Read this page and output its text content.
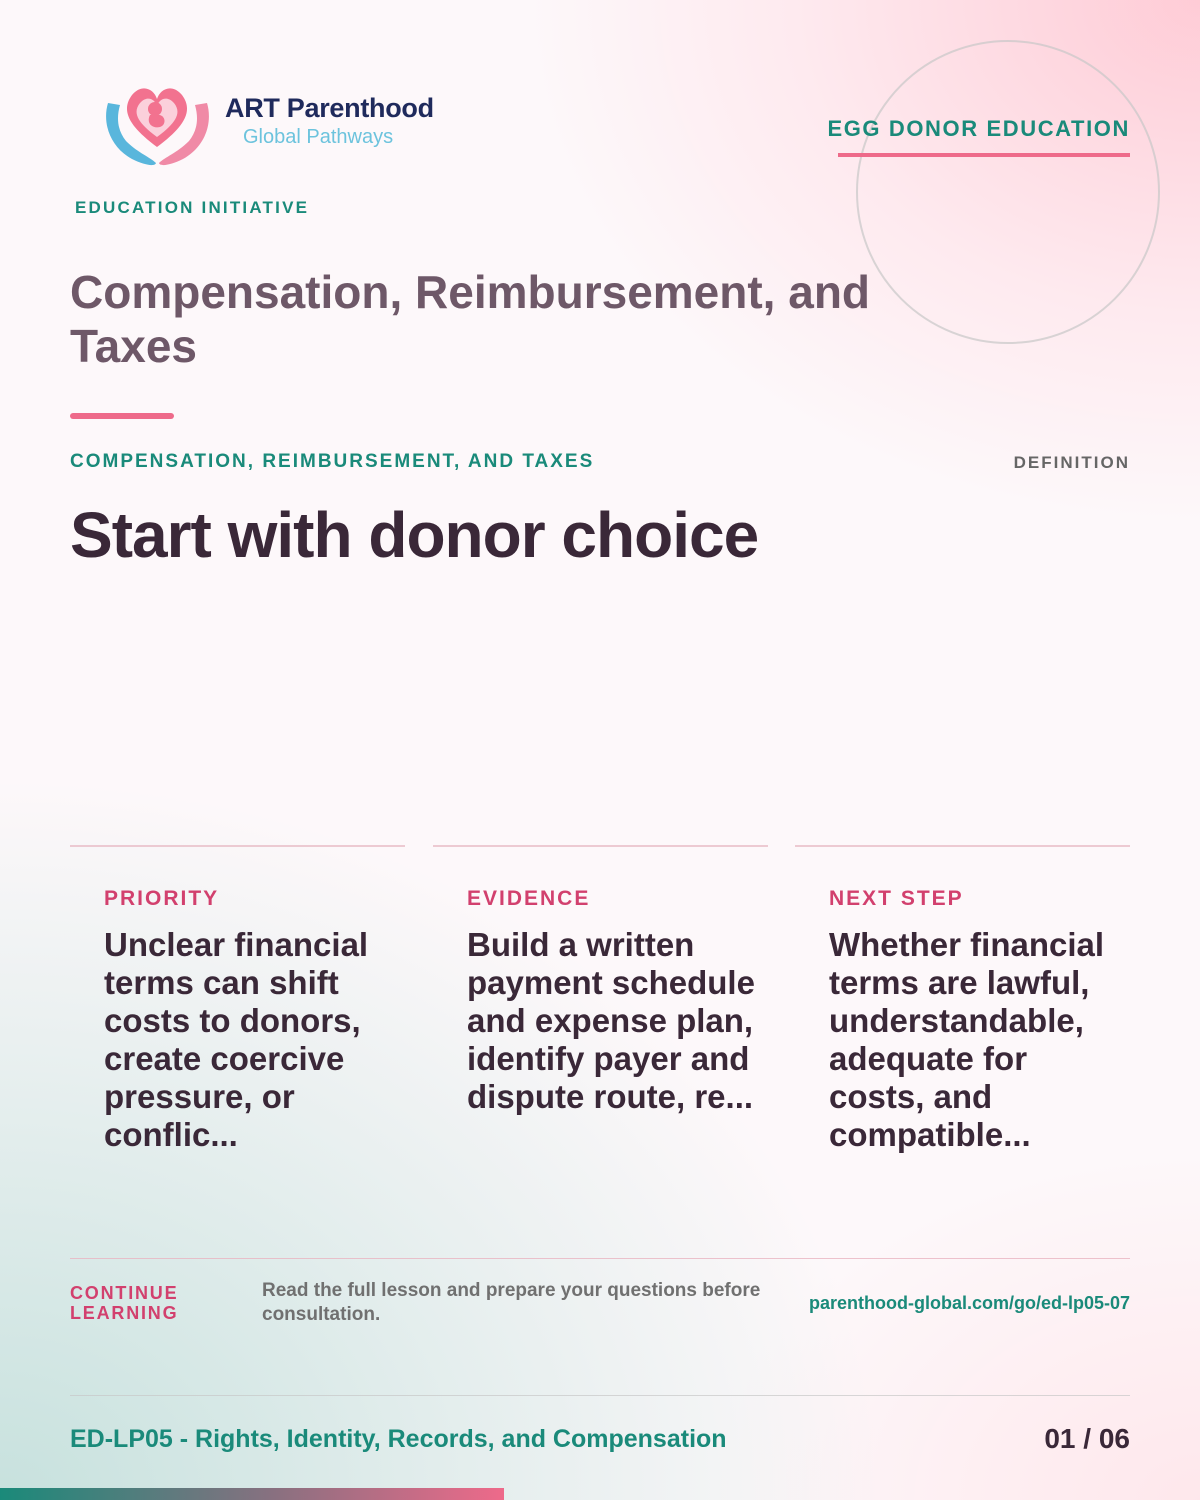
ART Parenthood
Global Pathways
EDUCATION INITIATIVE
EGG DONOR EDUCATION
Compensation, Reimbursement, and Taxes
COMPENSATION, REIMBURSEMENT, AND TAXES	DEFINITION
Start with donor choice
PRIORITY
Unclear financial terms can shift costs to donors, create coercive pressure, or conflic...
EVIDENCE
Build a written payment schedule and expense plan, identify payer and dispute route, re...
NEXT STEP
Whether financial terms are lawful, understandable, adequate for costs, and compatible...
CONTINUE LEARNING
Read the full lesson and prepare your questions before consultation.
parenthood-global.com/go/ed-lp05-07
ED-LP05 - Rights, Identity, Records, and Compensation	01 / 06
